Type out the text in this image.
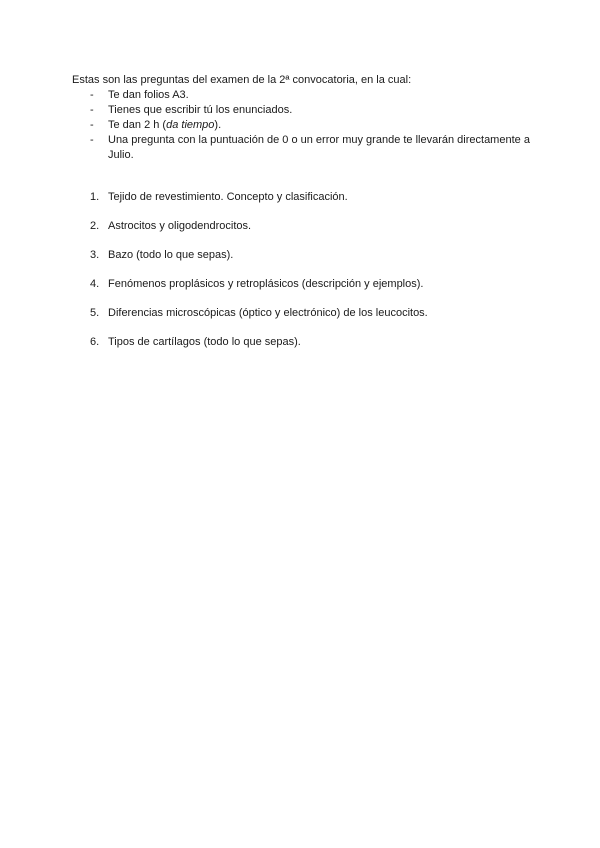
Estas son las preguntas del examen de la 2ª convocatoria, en la cual:

- Te dan folios A3.
- Tienes que escribir tú los enunciados.
- Te dan 2 h (da tiempo).
- Una pregunta con la puntuación de 0 o un error muy grande te llevarán directamente a Julio.
1. Tejido de revestimiento. Concepto y clasificación.
2. Astrocitos y oligodendrocitos.
3. Bazo (todo lo que sepas).
4. Fenómenos proplásicos y retroplásicos (descripción y ejemplos).
5. Diferencias microscópicas (óptico y electrónico) de los leucocitos.
6. Tipos de cartílagos (todo lo que sepas).
